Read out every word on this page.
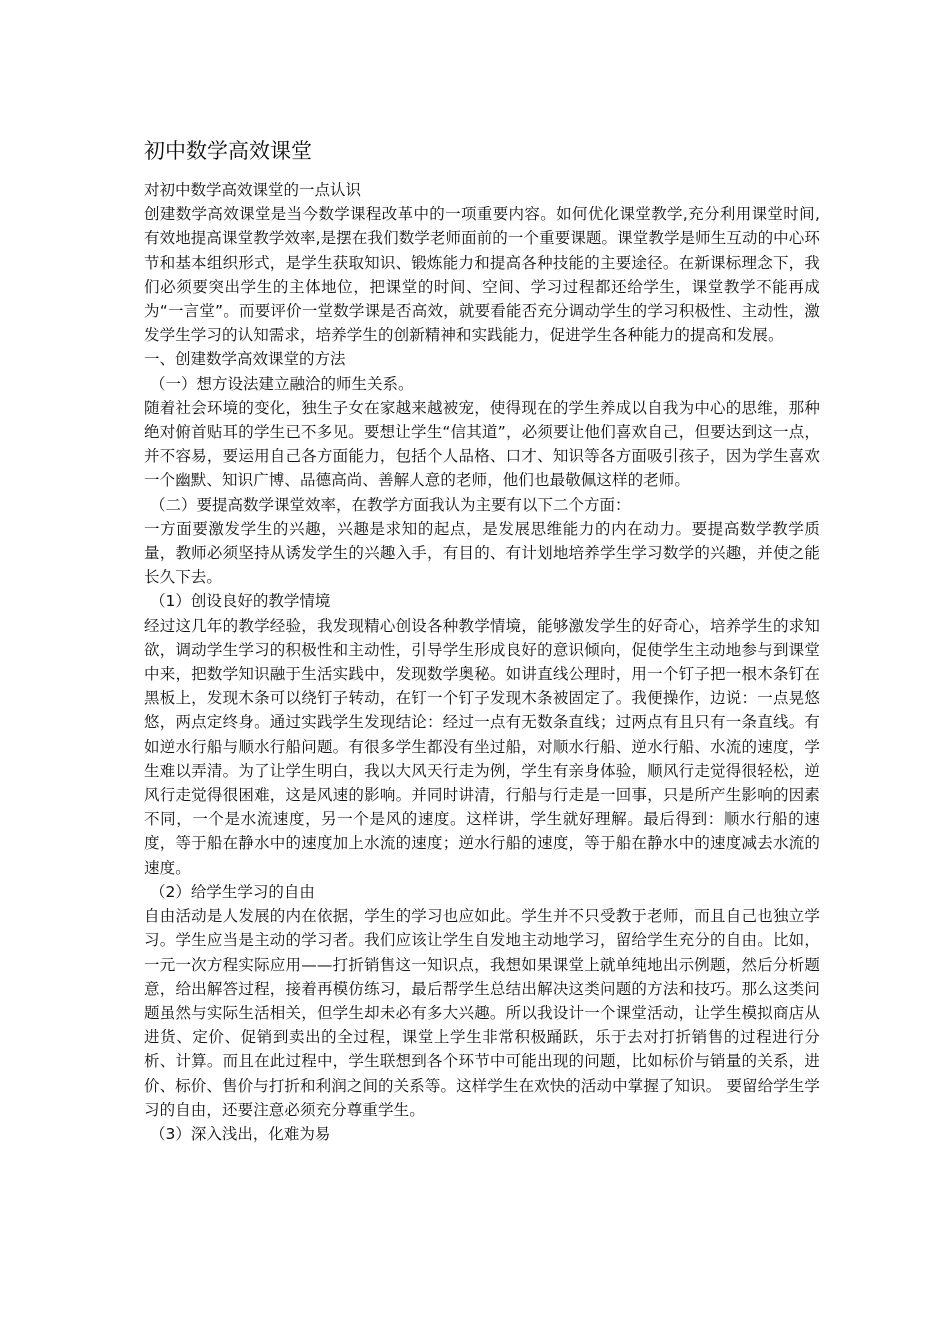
初中数学高效课堂

对初中数学高效课堂的一点认识

创建数学高效课堂是当今数学课程改革中的一项重要内容。如何优化课堂教学,充分利用课堂时间,有效地提高课堂教学效率,是摆在我们数学老师面前的一个重要课题。课堂教学是师生互动的中心环节和基本组织形式，是学生获取知识、锻炼能力和提高各种技能的主要途径。在新课标理念下，我们必须要突出学生的主体地位，把课堂的时间、空间、学习过程都还给学生，课堂教学不能再成为“一言堂”。而要评价一堂数学课是否高效，就要看能否充分调动学生的学习积极性、主动性，激发学生学习的认知需求，培养学生的创新精神和实践能力，促进学生各种能力的提高和发展。

一、创建数学高效课堂的方法

（一）想方设法建立融洽的师生关系。

随着社会环境的变化，独生子女在家越来越被宠，使得现在的学生养成以自我为中心的思维，那种绝对俯首贴耳的学生已不多见。要想让学生“信其道”，必须要让他们喜欢自己，但要达到这一点，并不容易，要运用自己各方面能力，包括个人品格、口才、知识等各方面吸引孩子，因为学生喜欢一个幽默、知识广博、品德高尚、善解人意的老师，他们也最敬佩这样的老师。

（二）要提高数学课堂效率，在教学方面我认为主要有以下二个方面：

一方面要激发学生的兴趣，兴趣是求知的起点，是发展思维能力的内在动力。要提高数学教学质量，教师必须坚持从诱发学生的兴趣入手，有目的、有计划地培养学生学习数学的兴趣，并使之能长久下去。

（1）创设良好的教学情境

经过这几年的教学经验，我发现精心创设各种教学情境，能够激发学生的好奇心，培养学生的求知欲，调动学生学习的积极性和主动性，引导学生形成良好的意识倾向，促使学生主动地参与到课堂中来，把数学知识融于生活实践中，发现数学奥秘。如讲直线公理时，用一个钉子把一根木条钉在黑板上，发现木条可以绕钉子转动，在钉一个钉子发现木条被固定了。我便操作，边说：一点晃悠悠，两点定终身。通过实践学生发现结论：经过一点有无数条直线；过两点有且只有一条直线。有如逆水行船与顺水行船问题。有很多学生都没有坐过船，对顺水行船、逆水行船、水流的速度，学生难以弄清。为了让学生明白，我以大风天行走为例，学生有亲身体验，顺风行走觉得很轻松，逆风行走觉得很困难，这是风速的影响。并同时讲清，行船与行走是一回事，只是所产生影响的因素不同，一个是水流速度，另一个是风的速度。这样讲，学生就好理解。最后得到：顺水行船的速度，等于船在静水中的速度加上水流的速度；逆水行船的速度，等于船在静水中的速度减去水流的速度。

（2）给学生学习的自由

自由活动是人发展的内在依据，学生的学习也应如此。学生并不只受教于老师，而且自己也独立学习。学生应当是主动的学习者。我们应该让学生自发地主动地学习，留给学生充分的自由。比如，一元一次方程实际应用——打折销售这一知识点，我想如果课堂上就单纯地出示例题，然后分析题意，给出解答过程，接着再模仿练习，最后帮学生总结出解决这类问题的方法和技巧。那么这类问题虽然与实际生活相关，但学生却未必有多大兴趣。所以我设计一个课堂活动，让学生模拟商店从进货、定价、促销到卖出的全过程，课堂上学生非常积极踊跃，乐于去对打折销售的过程进行分析、计算。而且在此过程中，学生联想到各个环节中可能出现的问题，比如标价与销量的关系，进价、标价、售价与打折和利润之间的关系等。这样学生在欢快的活动中掌握了知识。 要留给学生学习的自由，还要注意必须充分尊重学生。

（3）深入浅出，化难为易
